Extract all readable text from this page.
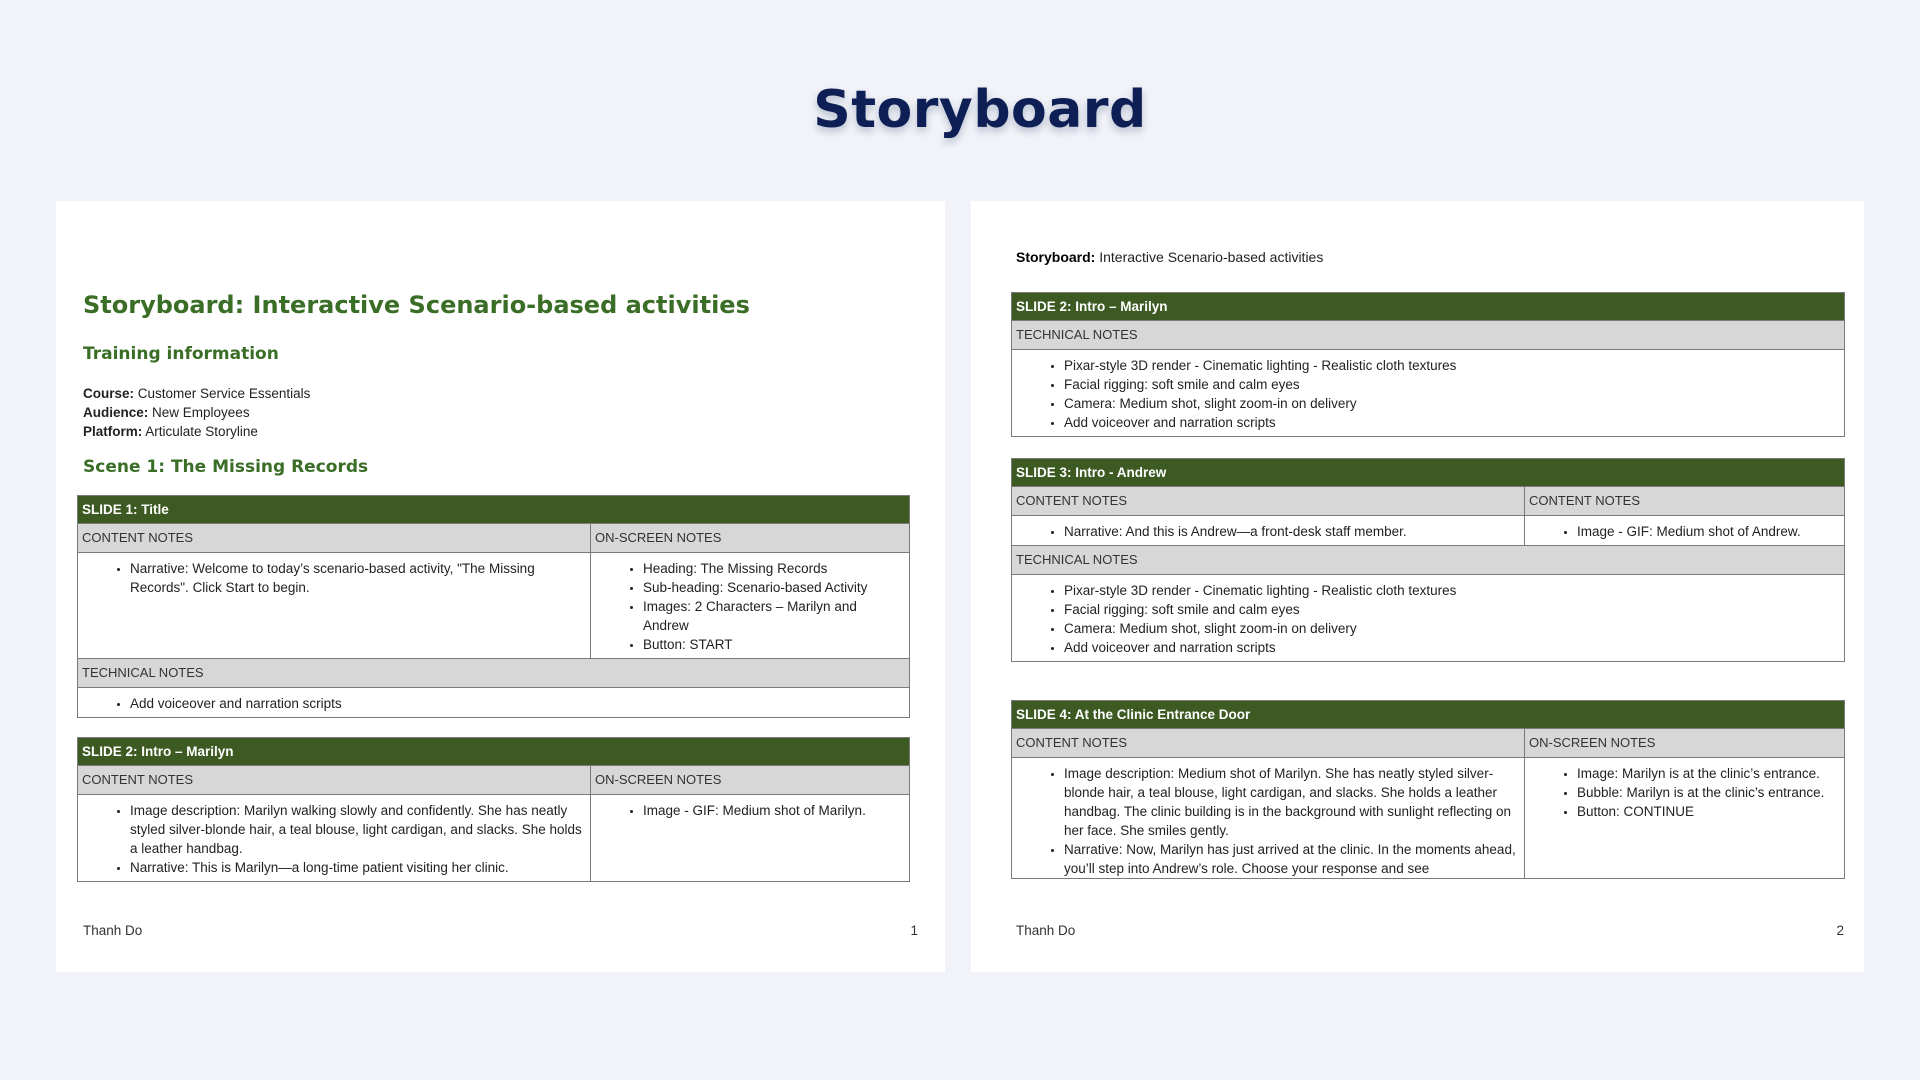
Storyboard
Storyboard: Interactive Scenario-based activities
Training information
Course: Customer Service Essentials
Audience: New Employees
Platform: Articulate Storyline
Scene 1: The Missing Records
SLIDE 1: Title
CONTENT NOTES
• Narrative: Welcome to today’s scenario-based activity, "The Missing Records". Click Start to begin.
ON-SCREEN NOTES
• Heading: The Missing Records
• Sub-heading: Scenario-based Activity
• Images: 2 Characters – Marilyn and Andrew
• Button: START
TECHNICAL NOTES
• Add voiceover and narration scripts
SLIDE 2: Intro – Marilyn
CONTENT NOTES
• Image description: Marilyn walking slowly and confidently. She has neatly styled silver-blonde hair, a teal blouse, light cardigan, and slacks. She holds a leather handbag.
• Narrative: This is Marilyn—a long-time patient visiting her clinic.
ON-SCREEN NOTES
• Image - GIF: Medium shot of Marilyn.
Thanh Do	1
Storyboard: Interactive Scenario-based activities
SLIDE 2: Intro – Marilyn
TECHNICAL NOTES
• Pixar-style 3D render - Cinematic lighting - Realistic cloth textures
• Facial rigging: soft smile and calm eyes
• Camera: Medium shot, slight zoom-in on delivery
• Add voiceover and narration scripts
SLIDE 3: Intro - Andrew
CONTENT NOTES
• Narrative: And this is Andrew—a front-desk staff member.
CONTENT NOTES
• Image - GIF: Medium shot of Andrew.
TECHNICAL NOTES
• Pixar-style 3D render - Cinematic lighting - Realistic cloth textures
• Facial rigging: soft smile and calm eyes
• Camera: Medium shot, slight zoom-in on delivery
• Add voiceover and narration scripts
SLIDE 4: At the Clinic Entrance Door
CONTENT NOTES
• Image description: Medium shot of Marilyn. She has neatly styled silver-blonde hair, a teal blouse, light cardigan, and slacks. She holds a leather handbag. The clinic building is in the background with sunlight reflecting on her face. She smiles gently.
• Narrative: Now, Marilyn has just arrived at the clinic. In the moments ahead, you’ll step into Andrew’s role. Choose your response and see
ON-SCREEN NOTES
• Image: Marilyn is at the clinic’s entrance.
• Bubble: Marilyn is at the clinic’s entrance.
• Button: CONTINUE
Thanh Do	2
